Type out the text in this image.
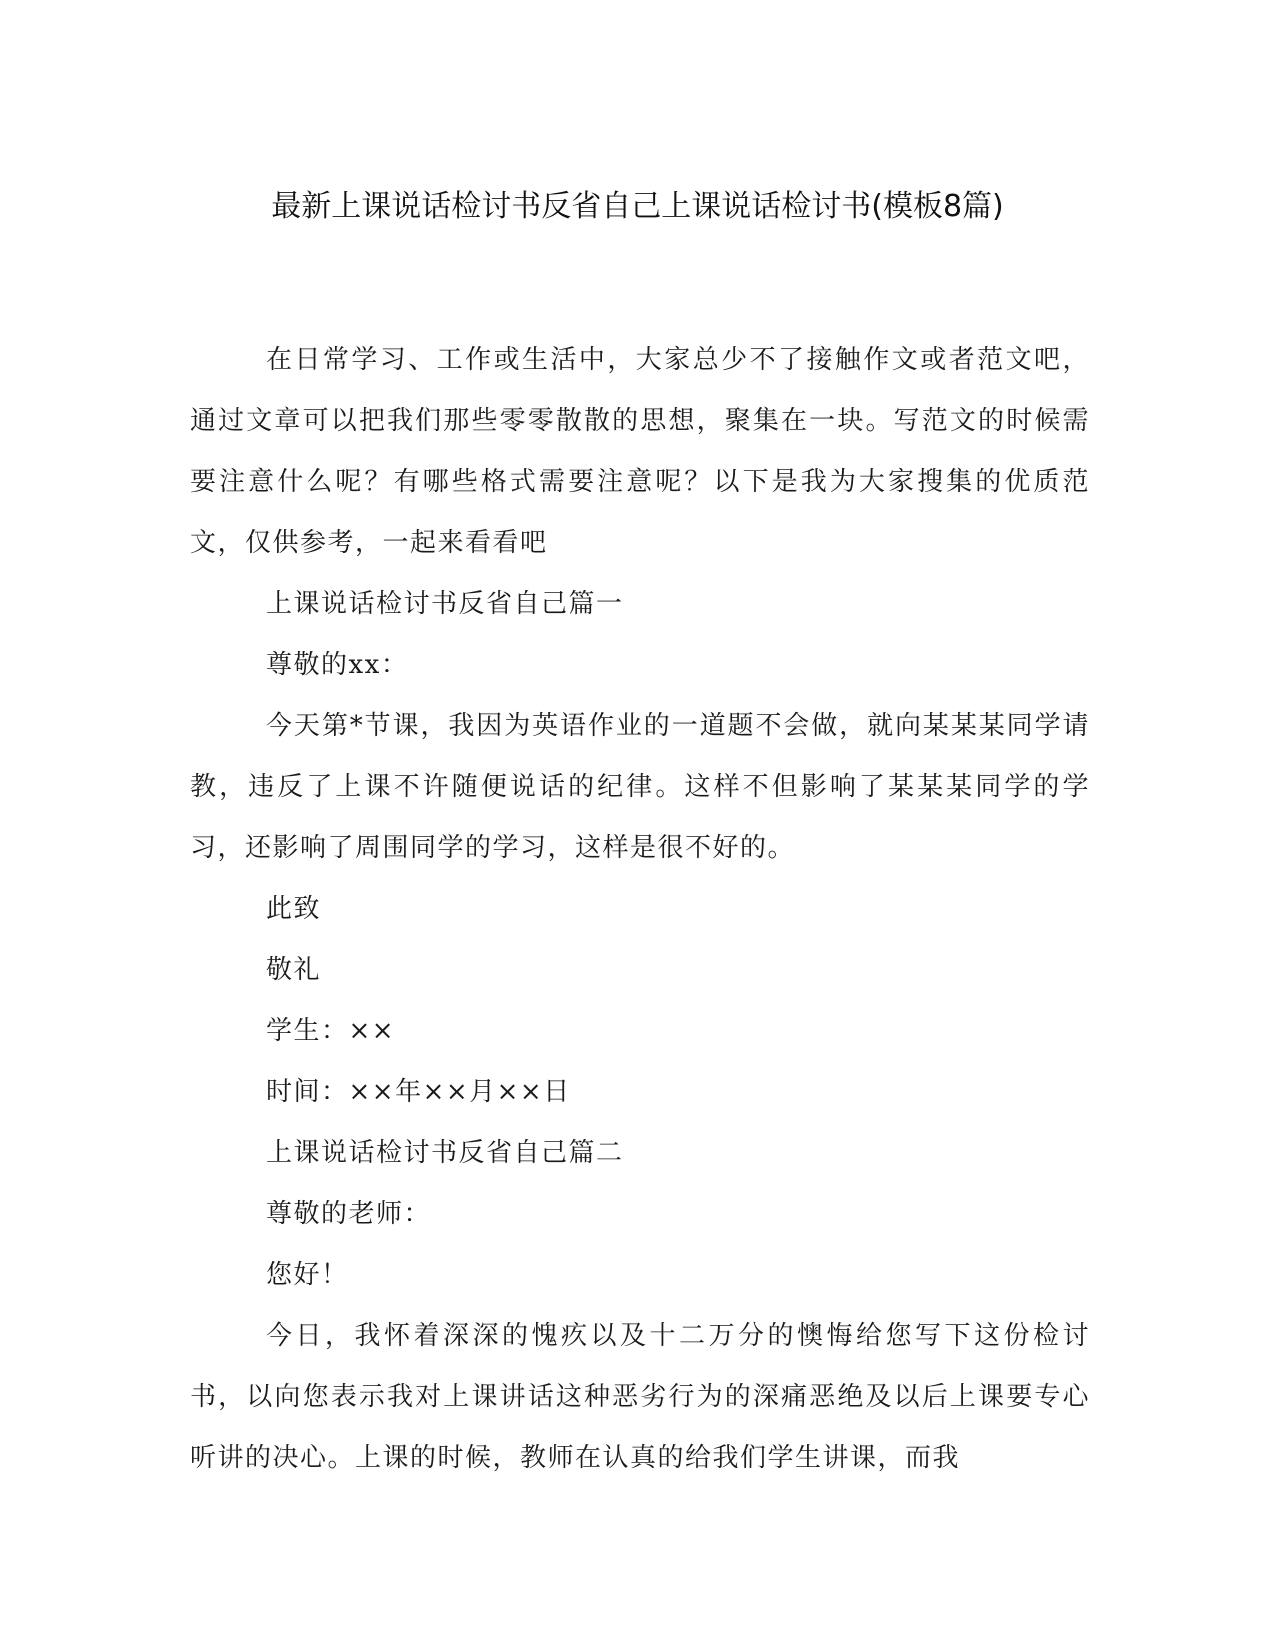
最新上课说话检讨书反省自己上课说话检讨书(模板8篇)

在日常学习、工作或生活中，大家总少不了接触作文或者范文吧，通过文章可以把我们那些零零散散的思想，聚集在一块。写范文的时候需要注意什么呢？有哪些格式需要注意呢？以下是我为大家搜集的优质范文，仅供参考，一起来看看吧

上课说话检讨书反省自己篇一

尊敬的xx：

今天第*节课，我因为英语作业的一道题不会做，就向某某某同学请教，违反了上课不许随便说话的纪律。这样不但影响了某某某同学的学习，还影响了周围同学的学习，这样是很不好的。

此致

敬礼

学生：××

时间：××年××月××日

上课说话检讨书反省自己篇二

尊敬的老师：

您好！

今日，我怀着深深的愧疚以及十二万分的懊悔给您写下这份检讨书，以向您表示我对上课讲话这种恶劣行为的深痛恶绝及以后上课要专心听讲的决心。上课的时候，教师在认真的给我们学生讲课，而我
